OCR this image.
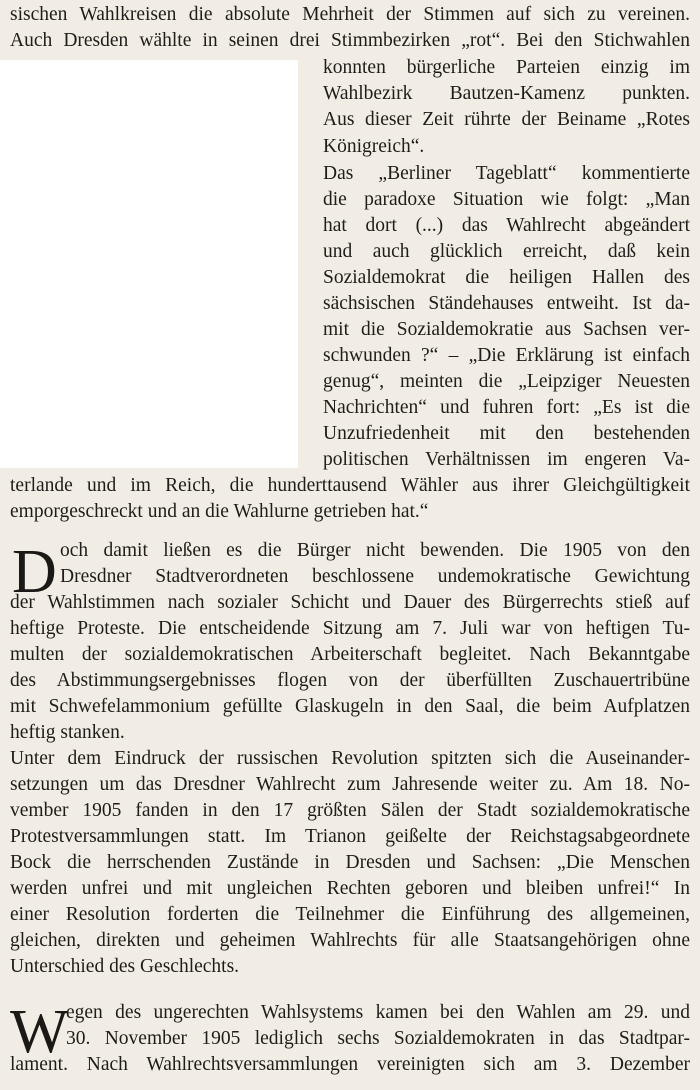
sischen Wahlkreisen die absolute Mehrheit der Stimmen auf sich zu vereinen.
Auch Dresden wählte in seinen drei Stimmbezirken „rot“. Bei den Stichwahlen
konnten bürgerliche Parteien einzig im
Wahlbezirk Bautzen-Kamenz punkten.
Aus dieser Zeit rührte der Beiname „Rotes
Königreich“.
Das „Berliner Tageblatt“ kommentierte
die paradoxe Situation wie folgt: „Man
hat dort (...) das Wahlrecht abgeändert
und auch glücklich erreicht, daß kein
Sozialdemokrat die heiligen Hallen des
sächsischen Ständehauses entweiht. Ist da-
mit die Sozialdemokratie aus Sachsen ver-
schwunden ?“ – „Die Erklärung ist einfach
genug“, meinten die „Leipziger Neuesten
Nachrichten“ und fuhren fort: „Es ist die
Unzufriedenheit mit den bestehenden
politischen Verhältnissen im engeren Va-
terlande und im Reich, die hunderttausend Wähler aus ihrer Gleichgültigkeit
emporgeschreckt und an die Wahlurne getrieben hat.“
D och damit ließen es die Bürger nicht bewenden. Die 1905 von den
Dresdner Stadtverordneten beschlossene undemokratische Gewichtung
der Wahlstimmen nach sozialer Schicht und Dauer des Bürgerrechts stieß auf
heftige Proteste. Die entscheidende Sitzung am 7. Juli war von heftigen Tu-
multen der sozialdemokratischen Arbeiterschaft begleitet. Nach Bekanntgabe
des Abstimmungsergebnisses flogen von der überfüllten Zuschauertribüne
mit Schwefelammonium gefüllte Glaskugeln in den Saal, die beim Aufplatzen
heftig stanken.
Unter dem Eindruck der russischen Revolution spitzten sich die Auseinander-
setzungen um das Dresdner Wahlrecht zum Jahresende weiter zu. Am 18. No-
vember 1905 fanden in den 17 größten Sälen der Stadt sozialdemokratische
Protestversammlungen statt. Im Trianon geißelte der Reichstagsabgeordnete
Bock die herrschenden Zustände in Dresden und Sachsen: „Die Menschen
werden unfrei und mit ungleichen Rechten geboren und bleiben unfrei!“ In
einer Resolution forderten die Teilnehmer die Einführung des allgemeinen,
gleichen, direkten und geheimen Wahlrechts für alle Staatsangehörigen ohne
Unterschied des Geschlechts.
W
egen des ungerechten Wahlsystems kamen bei den Wahlen am 29. und
30. November 1905 lediglich sechs Sozialdemokraten in das Stadtpar-
lament. Nach Wahlrechtsversammlungen vereinigten sich am 3. Dezember
